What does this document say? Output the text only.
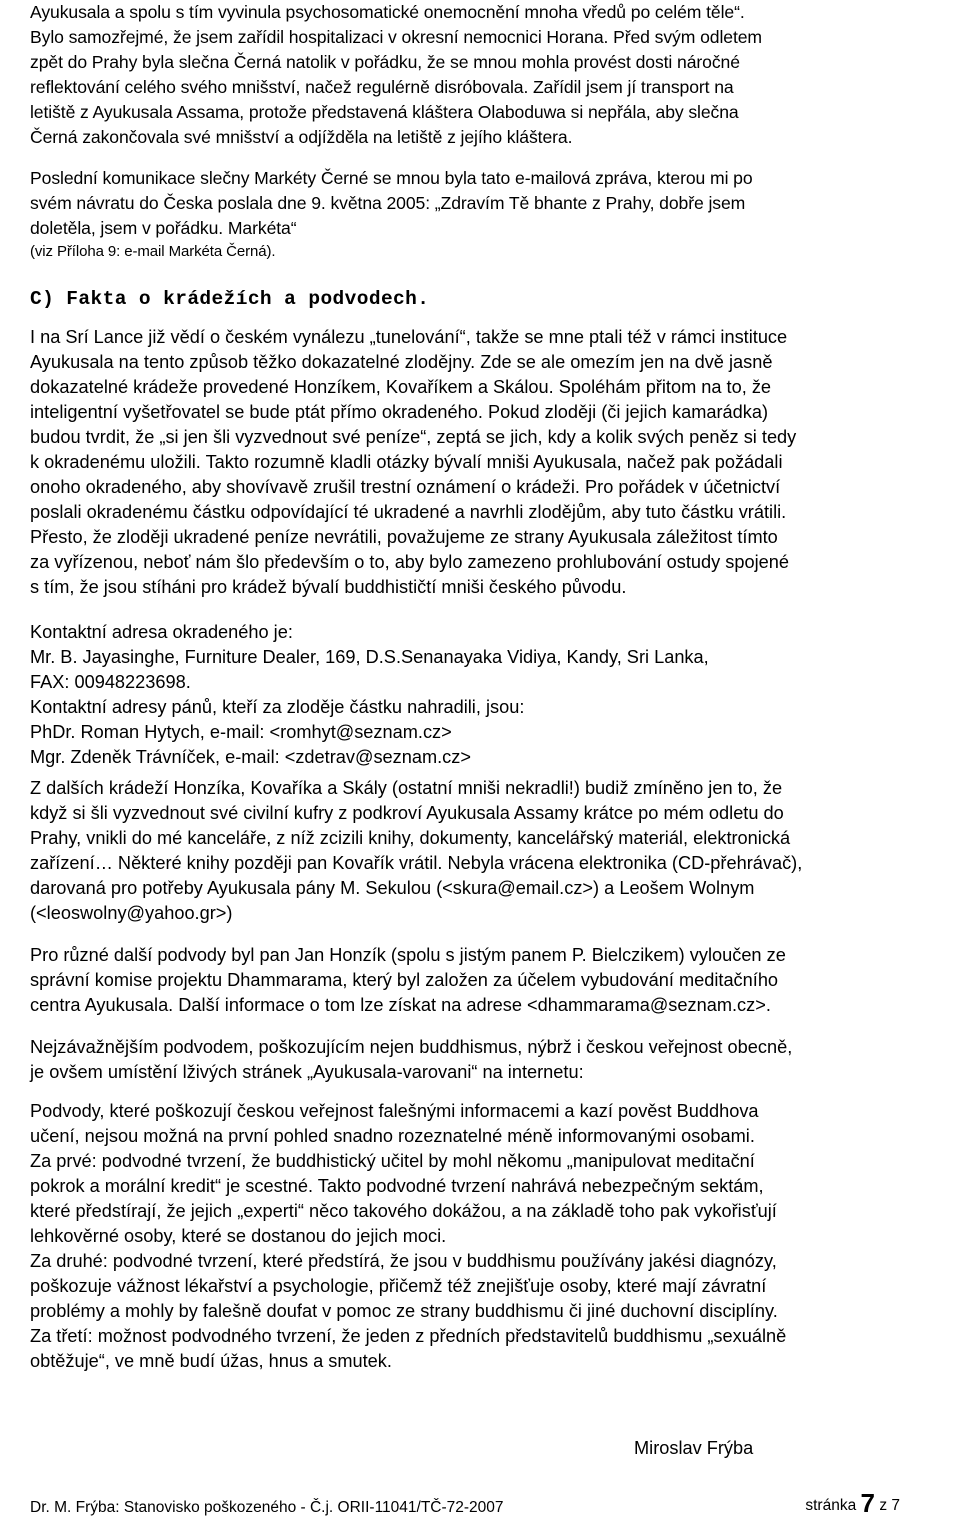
Ayukusala a spolu s tím vyvinula psychosomatické onemocnění mnoha vředů po celém těle“.
Bylo samozřejmé, že jsem zařídil hospitalizaci v okresní nemocnici Horana. Před svým odletem
zpět do Prahy byla slečna Černá natolik v pořádku, že se mnou mohla provést dosti náročné
reflektování celého svého mnišství, načež regulérně disróbovala. Zařídil jsem jí transport na
letiště z Ayukusala Assama, protože představená kláštera Olaboduwa si nepřála, aby slečna
Černá zakončovala své mnišství a odjížděla na letiště z jejího kláštera.
Poslední komunikace slečny Markéty Černé se mnou byla tato e-mailová zpráva, kterou mi po
svém návratu do Česka poslala dne 9. května 2005: „Zdravím Tě bhante z Prahy, dobře jsem
doletěla, jsem v pořádku. Markéta“
(viz Příloha 9: e-mail Markéta Černá).
C) Fakta o krádežích a podvodech.
I na Srí Lance již vědí o českém vynálezu „tunelování“, takže se mne ptali též v rámci instituce
Ayukusala na tento způsob těžko dokazatelné zlodějny. Zde se ale omezím jen na dvě jasně
dokazatelné krádeže provedené Honzíkem, Kovaříkem a Skálou. Spoléhám přitom na to, že
inteligentní vyšetřovatel se bude ptát přímo okradeného. Pokud zloději (či jejich kamarádka)
budou tvrdit, že „si jen šli vyzvednout své peníze“, zeptá se jich, kdy a kolik svých peněz si tedy
k okradenému uložili. Takto rozumně kladli otázky bývalí mniši Ayukusala, načež pak požádali
onoho okradeného, aby shovívavě zrušil trestní oznámení o krádeži. Pro pořádek v účetnictví
poslali okradenému částku odpovídající té ukradené a navrhli zlodějům, aby tuto částku vrátili.
Přesto, že zloději ukradené peníze nevrátili, považujeme ze strany Ayukusala záležitost tímto
za vyřízenou, neboť nám šlo především o to, aby bylo zamezeno prohlubování ostudy spojené
s tím, že jsou stíháni pro krádež bývalí buddhističtí mniši českého původu.
Kontaktní adresa okradeného je:
Mr. B. Jayasinghe, Furniture Dealer, 169, D.S.Senanayaka Vidiya, Kandy, Sri Lanka,
FAX: 00948223698.
Kontaktní adresy pánů, kteří za zloděje částku nahradili, jsou:
PhDr. Roman Hytych, e-mail: <romhyt@seznam.cz>
Mgr. Zdeněk Trávníček, e-mail: <zdetrav@seznam.cz>
Z dalších krádeží Honzíka, Kovaříka a Skály (ostatní mniši nekradli!) budiž zmíněno jen to, že
když si šli vyzvednout své civilní kufry z podkroví Ayukusala Assamy krátce po mém odletu do
Prahy, vnikli do mé kanceláře, z níž zcizili knihy, dokumenty, kancelářský materiál, elektronická
zařízení… Některé knihy později pan Kovařík vrátil. Nebyla vrácena elektronika (CD-přehrávač),
darovaná pro potřeby Ayukusala pány M. Sekulou (<skura@email.cz>) a Leošem Wolnym
(<leoswolny@yahoo.gr>)
Pro různé další podvody byl pan Jan Honzík (spolu s jistým panem P. Bielczikem) vyloučen ze
správní komise projektu Dhammarama, který byl založen za účelem vybudování meditačního
centra Ayukusala. Další informace o tom lze získat na adrese <dhammarama@seznam.cz>.
Nejzávažnějším podvodem, poškozujícím nejen buddhismus, nýbrž i českou veřejnost obecně,
je ovšem umístění lživých stránek „Ayukusala-varovani“ na internetu:
Podvody, které poškozují českou veřejnost falešnými informacemi a kazí pověst Buddhova
učení, nejsou možná na první pohled snadno rozeznatelné méně informovanými osobami.
Za prvé: podvodné tvrzení, že buddhistický učitel by mohl někomu „manipulovat meditační
pokrok a morální kredit“ je scestné. Takto podvodné tvrzení nahrává nebezpečným sektám,
které předstírají, že jejich „experti“ něco takového dokážou, a na základě toho pak vykořisťují
lehkověrné osoby, které se dostanou do jejich moci.
Za druhé: podvodné tvrzení, které předstírá, že jsou v buddhismu používány jakési diagnózy,
poškozuje vážnost lékařství a psychologie, přičemž též znejišťuje osoby, které mají závratní
problémy a mohly by falešně doufat v pomoc ze strany buddhismu či jiné duchovní disciplíny.
Za třetí: možnost podvodného tvrzení, že jeden z předních představitelů buddhismu „sexuálně
obtěžuje“, ve mně budí úžas, hnus a smutek.
Miroslav Frýba
Dr. M. Frýba: Stanovisko poškozeného - Č.j. ORII-11041/TČ-72-2007	stránka 7 z 7
